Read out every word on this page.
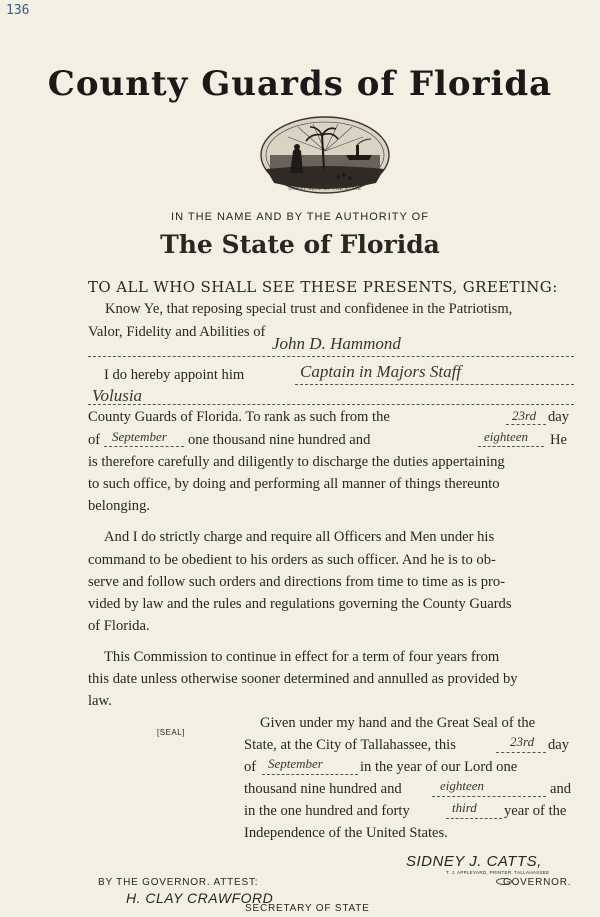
136
County Guards of Florida
GREAT SEAL OF THE STATE
IN THE NAME AND BY THE AUTHORITY OF
The State of Florida
TO ALL WHO SHALL SEE THESE PRESENTS, GREETING:
Know Ye, that reposing special trust and confidenee in the Patriotism,
Valor, Fidelity and Abilities of
John D. Hammond
I do hereby appoint him	Captain in Majors Staff
Volusia
County Guards of Florida. To rank as such from the	23rd day
of September one thousand nine hundred and	eighteen He
is therefore carefully and diligently to discharge the duties appertaining
to such office, by doing and performing all manner of things thereunto
belonging.
And I do strictly charge and require all Officers and Men under his
command to be obedient to his orders as such officer. And he is to ob-
serve and follow such orders and directions from time to time as is pro-
vided by law and the rules and regulations governing the County Guards
of Florida.
This Commission to continue in effect for a term of four years from
this date unless otherwise sooner determined and annulled as provided by
law.
Given under my hand and the Great Seal of the
State, at the City of Tallahassee, this	23rd day
[SEAL]
of September	in the year of our Lord one
thousand nine hundred and	eighteen	and
in the one hundred and forty	third year of the
Independence of the United States.
SIDNEY J. CATTS,
GOVERNOR.
BY THE GOVERNOR. ATTEST:
H. CLAY CRAWFORD
SECRETARY OF STATE
T. J. APPLEYARD, PRINTER, TALLAHASSEE
